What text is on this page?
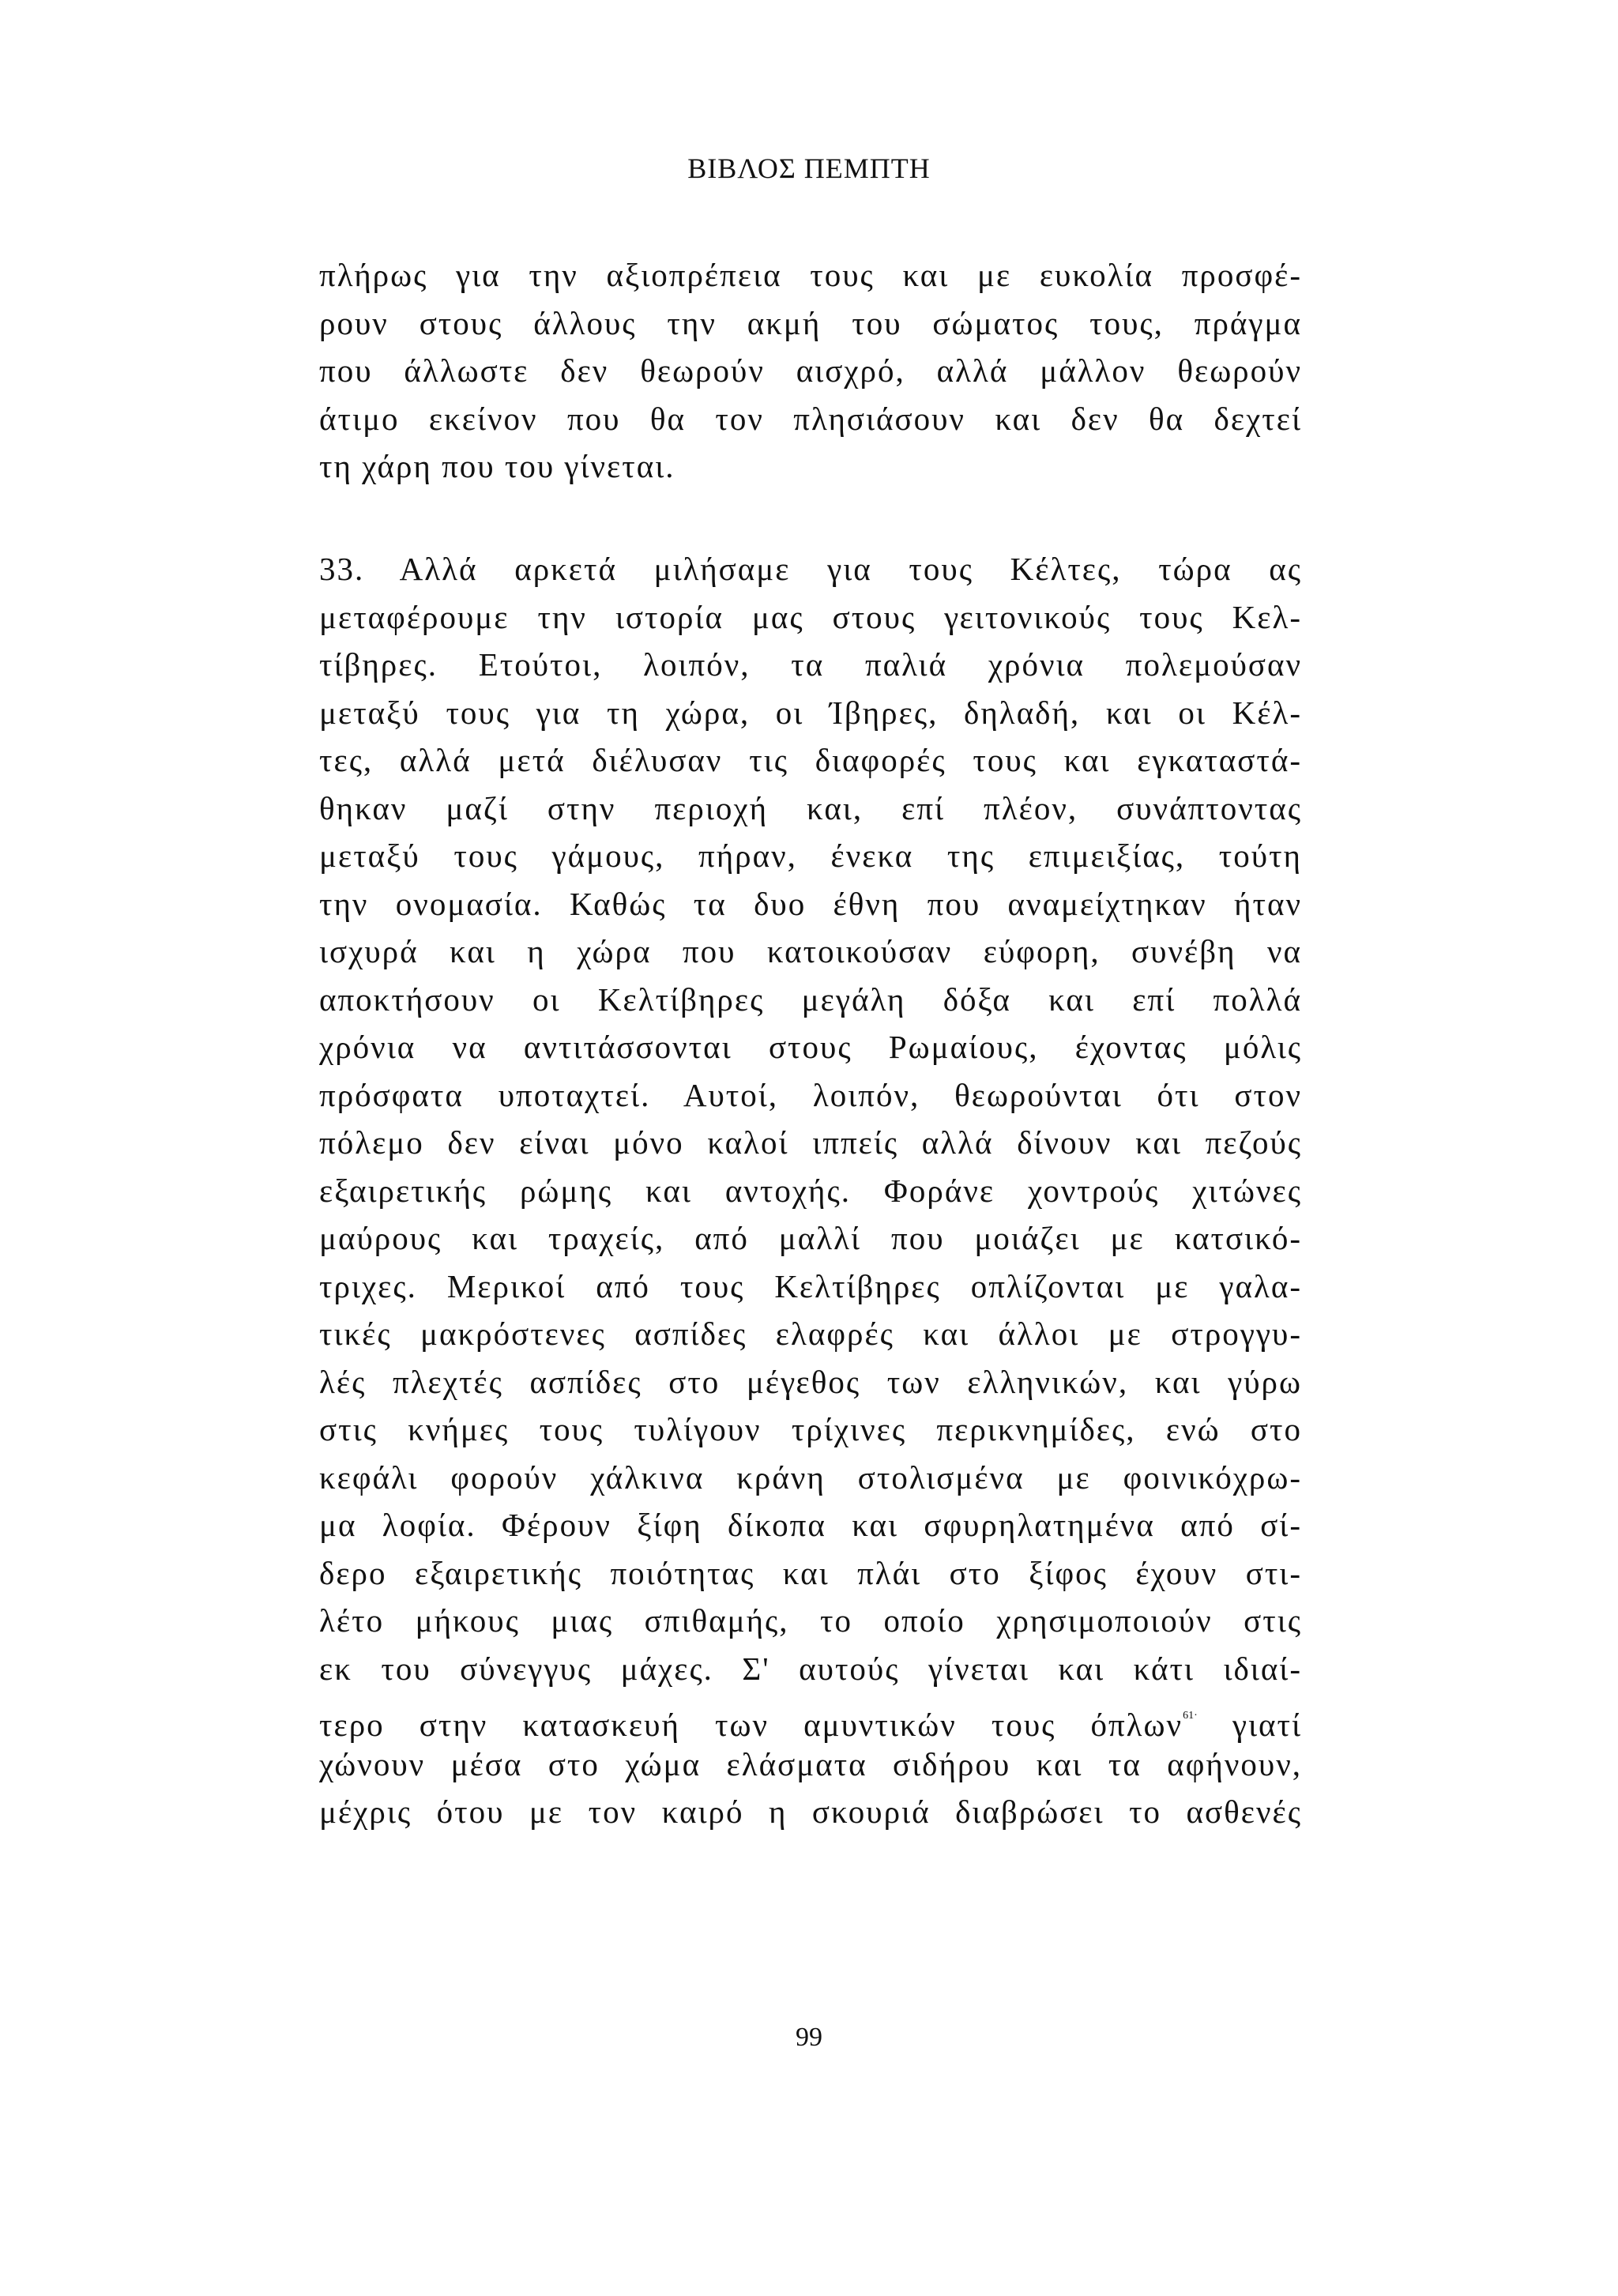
ΒΙΒΛΟΣ ΠΕΜΠΤΗ
πλήρως για την αξιοπρέπεια τους και με ευκολία προσφέ-
ρουν στους άλλους την ακμή του σώματος τους, πράγμα
που άλλωστε δεν θεωρούν αισχρό, αλλά μάλλον θεωρούν
άτιμο εκείνον που θα τον πλησιάσουν και δεν θα δεχτεί
τη χάρη που του γίνεται.
33. Αλλά αρκετά μιλήσαμε για τους Κέλτες, τώρα ας
μεταφέρουμε την ιστορία μας στους γειτονικούς τους Κελ-
τίβηρες. Ετούτοι, λοιπόν, τα παλιά χρόνια πολεμούσαν
μεταξύ τους για τη χώρα, οι Ίβηρες, δηλαδή, και οι Κέλ-
τες, αλλά μετά διέλυσαν τις διαφορές τους και εγκαταστά-
θηκαν μαζί στην περιοχή και, επί πλέον, συνάπτοντας
μεταξύ τους γάμους, πήραν, ένεκα της επιμειξίας, τούτη
την ονομασία. Καθώς τα δυο έθνη που αναμείχτηκαν ήταν
ισχυρά και η χώρα που κατοικούσαν εύφορη, συνέβη να
αποκτήσουν οι Κελτίβηρες μεγάλη δόξα και επί πολλά
χρόνια να αντιτάσσονται στους Ρωμαίους, έχοντας μόλις
πρόσφατα υποταχτεί. Αυτοί, λοιπόν, θεωρούνται ότι στον
πόλεμο δεν είναι μόνο καλοί ιππείς αλλά δίνουν και πεζούς
εξαιρετικής ρώμης και αντοχής. Φοράνε χοντρούς χιτώνες
μαύρους και τραχείς, από μαλλί που μοιάζει με κατσικό-
τριχες. Μερικοί από τους Κελτίβηρες οπλίζονται με γαλα-
τικές μακρόστενες ασπίδες ελαφρές και άλλοι με στρογγυ-
λές πλεχτές ασπίδες στο μέγεθος των ελληνικών, και γύρω
στις κνήμες τους τυλίγουν τρίχινες περικνημίδες, ενώ στο
κεφάλι φορούν χάλκινα κράνη στολισμένα με φοινικόχρω-
μα λοφία. Φέρουν ξίφη δίκοπα και σφυρηλατημένα από σί-
δερο εξαιρετικής ποιότητας και πλάι στο ξίφος έχουν στι-
λέτο μήκους μιας σπιθαμής, το οποίο χρησιμοποιούν στις
εκ του σύνεγγυς μάχες. Σ' αυτούς γίνεται και κάτι ιδιαί-
τερο στην κατασκευή των αμυντικών τους όπλων$^{61\cdot}$ γιατί
χώνουν μέσα στο χώμα ελάσματα σιδήρου και τα αφήνουν,
μέχρις ότου με τον καιρό η σκουριά διαβρώσει το ασθενές
99
